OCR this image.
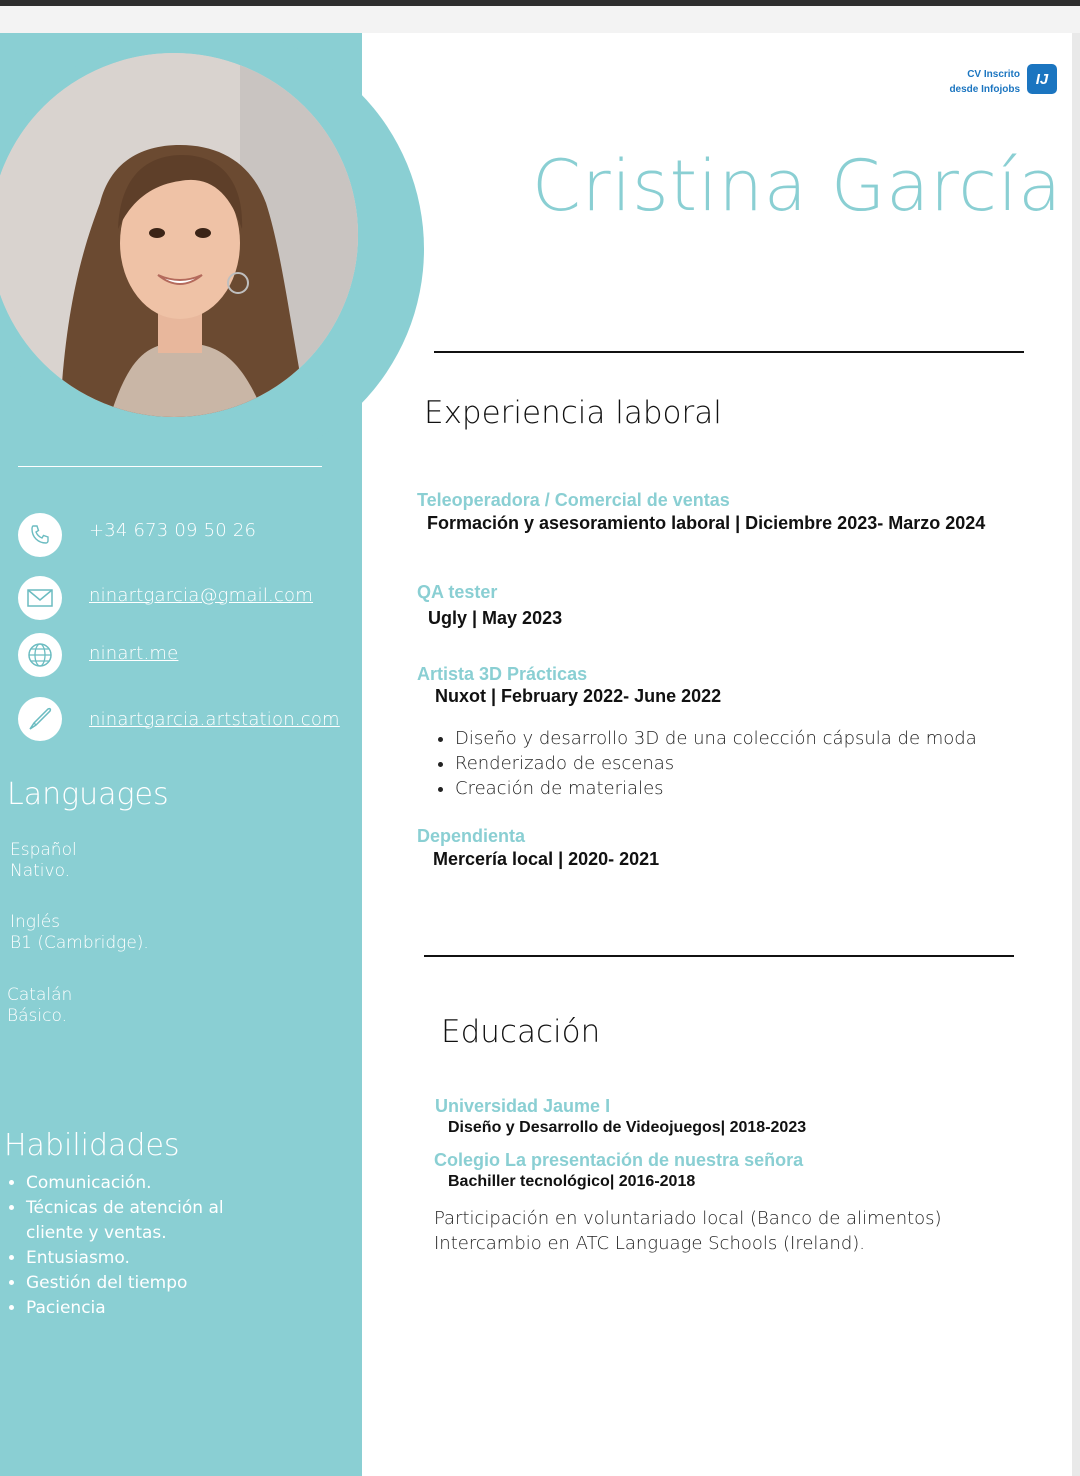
+34 673 09 50 26
ninartgarcia@gmail.com
ninart.me
ninartgarcia.artstation.com
Languages
Español
Nativo.
Inglés
B1 (Cambridge).
Catalán
Básico.
Habilidades
• Comunicación.
• Técnicas de atención al cliente y ventas.
• Entusiasmo.
• Gestión del tiempo
• Paciencia
CV Inscrito
desde Infojobs
IJ
Cristina García
Experiencia laboral
Teleoperadora / Comercial de ventas
Formación y asesoramiento laboral | Diciembre 2023- Marzo 2024
QA tester
Ugly | May 2023
Artista 3D Prácticas
Nuxot | February 2022- June 2022
• Diseño y desarrollo 3D de una colección cápsula de moda
• Renderizado de escenas
• Creación de materiales
Dependienta
Mercería local | 2020- 2021
Educación
Universidad Jaume I
Diseño y Desarrollo de Videojuegos| 2018-2023
Colegio La presentación de nuestra señora
Bachiller tecnológico| 2016-2018
Participación en voluntariado local (Banco de alimentos)
Intercambio en ATC Language Schools (Ireland).
